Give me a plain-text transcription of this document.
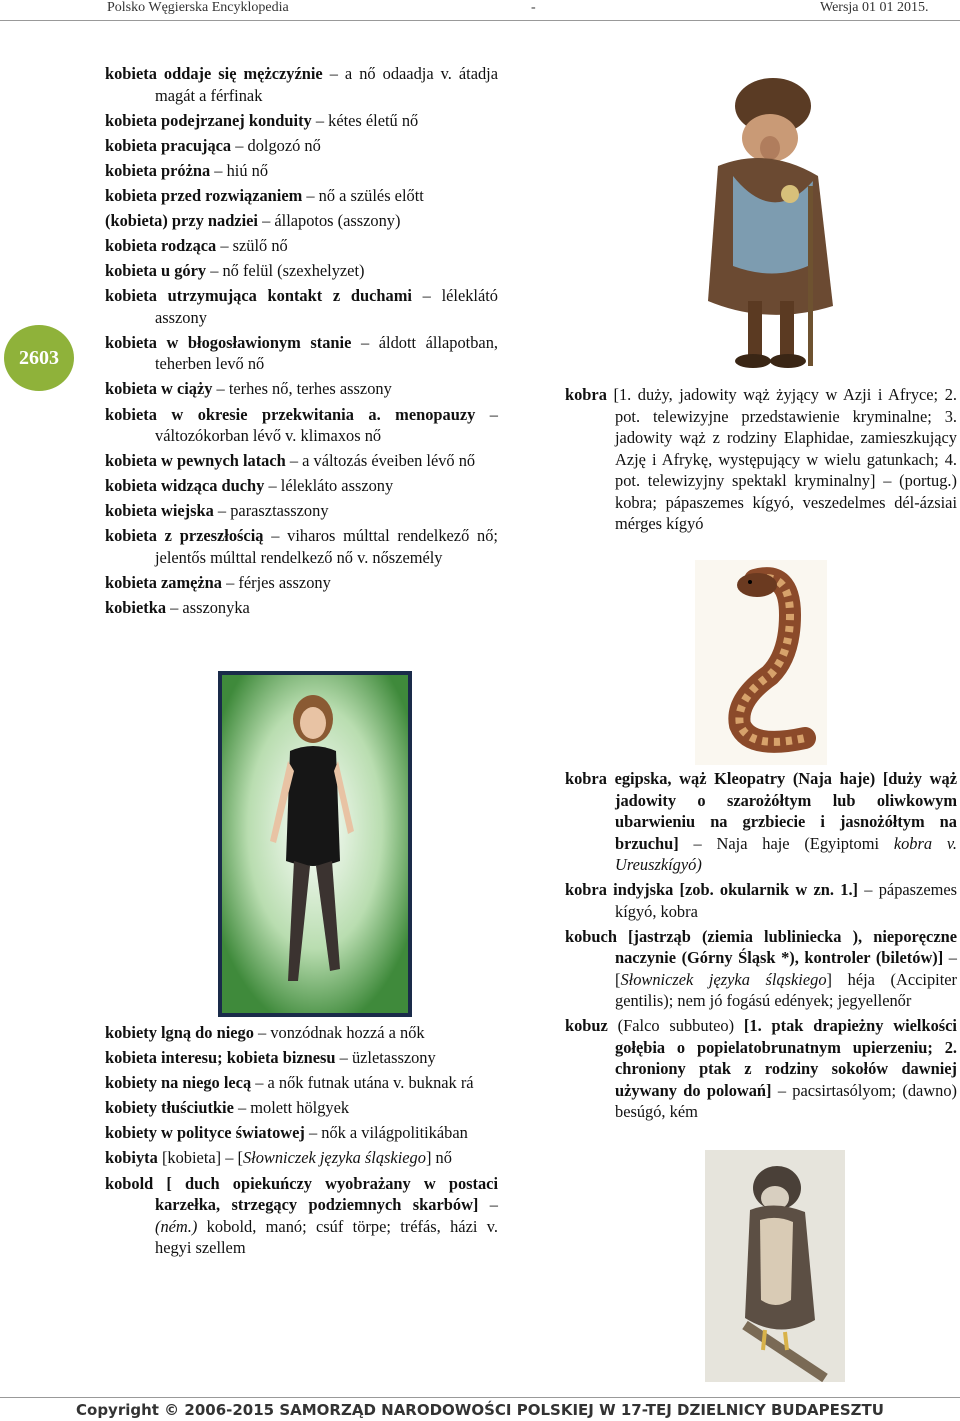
Polsko Węgierska Encyklopedia	-	Wersja 01 01 2015.
2603
kobieta oddaje się mężczyźnie – a nő odaadja v. átadja magát a férfinak
kobieta podejrzanej konduity – kétes életű nő
kobieta pracująca – dolgozó nő
kobieta próżna – hiú nő
kobieta przed rozwiązaniem – nő a szülés előtt
(kobieta) przy nadziei – állapotos (asszony)
kobieta rodząca – szülő nő
kobieta u góry – nő felül (szexhelyzet)
kobieta utrzymująca kontakt z duchami – léleklátó asszony
kobieta w błogosławionym stanie – áldott állapotban, teherben levő nő
kobieta w ciąży – terhes nő, terhes asszony
kobieta w okresie przekwitania a. menopauzy – változókorban lévő v. klimaxos nő
kobieta w pewnych latach – a változás éveiben lévő nő
kobieta widząca duchy – lélekláto asszony
kobieta wiejska – parasztasszony
kobieta z przeszłością – viharos múlttal rendelkező nő; jelentős múlttal rendelkező nő v. nőszemély
kobieta zamężna – férjes asszony
kobietka – asszonyka
kobiety lgną do niego – vonzódnak hozzá a nők
kobieta interesu; kobieta biznesu – üzletasszony
kobiety na niego lecą – a nők futnak utána v. buknak rá
kobiety tłuściutkie – molett hölgyek
kobiety w polityce światowej – nők a világpolitikában
kobiyta [kobieta] – [Słowniczek języka śląskiego] nő
kobold [ duch opiekuńczy wyobrażany w postaci karzełka, strzegący podziemnych skarbów] – (ném.) kobold, manó; csúf törpe; tréfás, házi v. hegyi szellem
kobra [1. duży, jadowity wąż żyjący w Azji i Afryce; 2. pot. telewizyjne przedstawienie kryminalne; 3. jadowity wąż z rodziny Elaphidae, zamieszkujący Azję i Afrykę, występujący w wielu gatunkach; 4. pot. telewizyjny spektakl kryminalny] – (portug.) kobra; pápaszemes kígyó, veszedelmes dél-ázsiai mérges kígyó
kobra egipska, wąż Kleopatry (Naja haje) [duży wąż jadowity o szarożółtym lub oliwkowym ubarwieniu na grzbiecie i jasnożółtym na brzuchu] – Naja haje (Egyiptomi kobra v. Ureuszkígyó)
kobra indyjska [zob. okularnik w zn. 1.] – pápaszemes kígyó, kobra
kobuch [jastrząb (ziemia lubliniecka ), nieporęczne naczynie (Górny Śląsk *), kontroler (biletów)] – [Słowniczek języka śląskiego] héja (Accipiter gentilis); nem jó fogású edények; jegyellenőr
kobuz (Falco subbuteo) [1. ptak drapieżny wielkości gołębia o popielatobrunatnym upierzeniu; 2. chroniony ptak z rodziny sokołów dawniej używany do polowań] – pacsirtasólyom; (dawno) besúgó, kém
Copyright © 2006-2015 SAMORZĄD NARODOWOŚCI POLSKIEJ W 17-TEJ DZIELNICY BUDAPESZTU
